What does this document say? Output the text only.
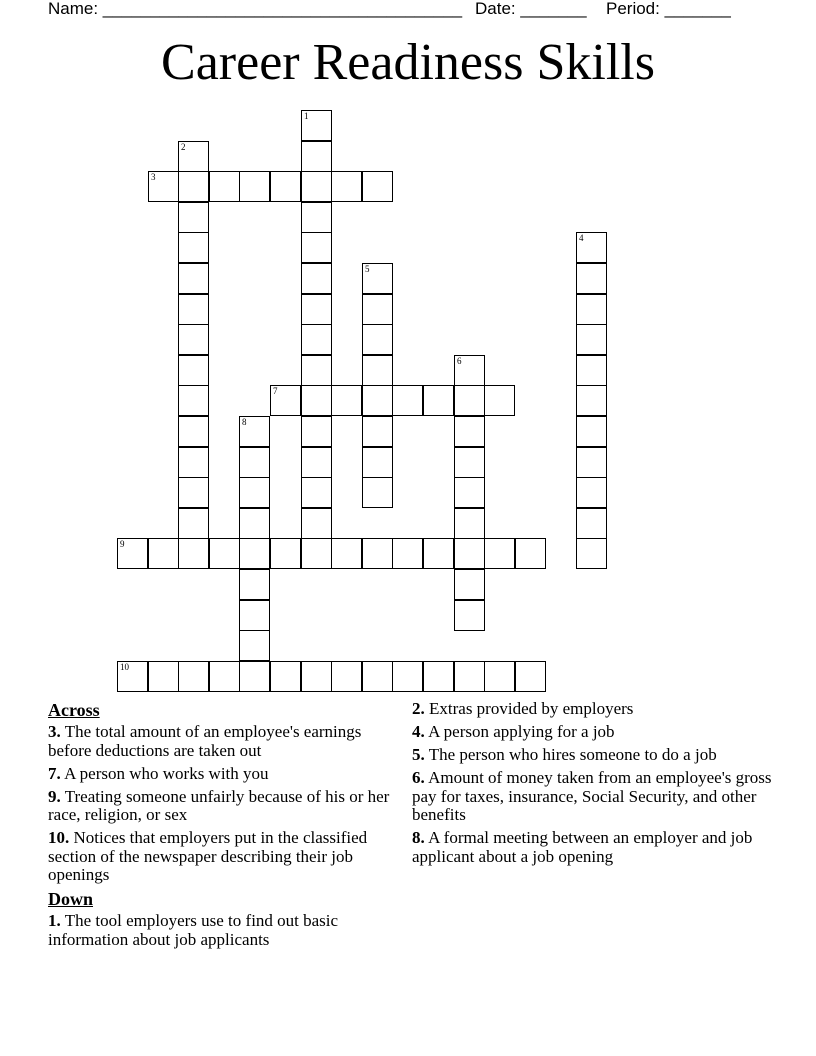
Name: ______________________________________ Date: _______ Period: _______
Career Readiness Skills
1
2
3
4
5
6
7
8
9
10
Across
3. The total amount of an employee's earnings before deductions are taken out
7. A person who works with you
9. Treating someone unfairly because of his or her race, religion, or sex
10. Notices that employers put in the classified section of the newspaper describing their job openings
Down
1. The tool employers use to find out basic information about job applicants
2. Extras provided by employers
4. A person applying for a job
5. The person who hires someone to do a job
6. Amount of money taken from an employee's gross pay for taxes, insurance, Social Security, and other benefits
8. A formal meeting between an employer and job applicant about a job opening
